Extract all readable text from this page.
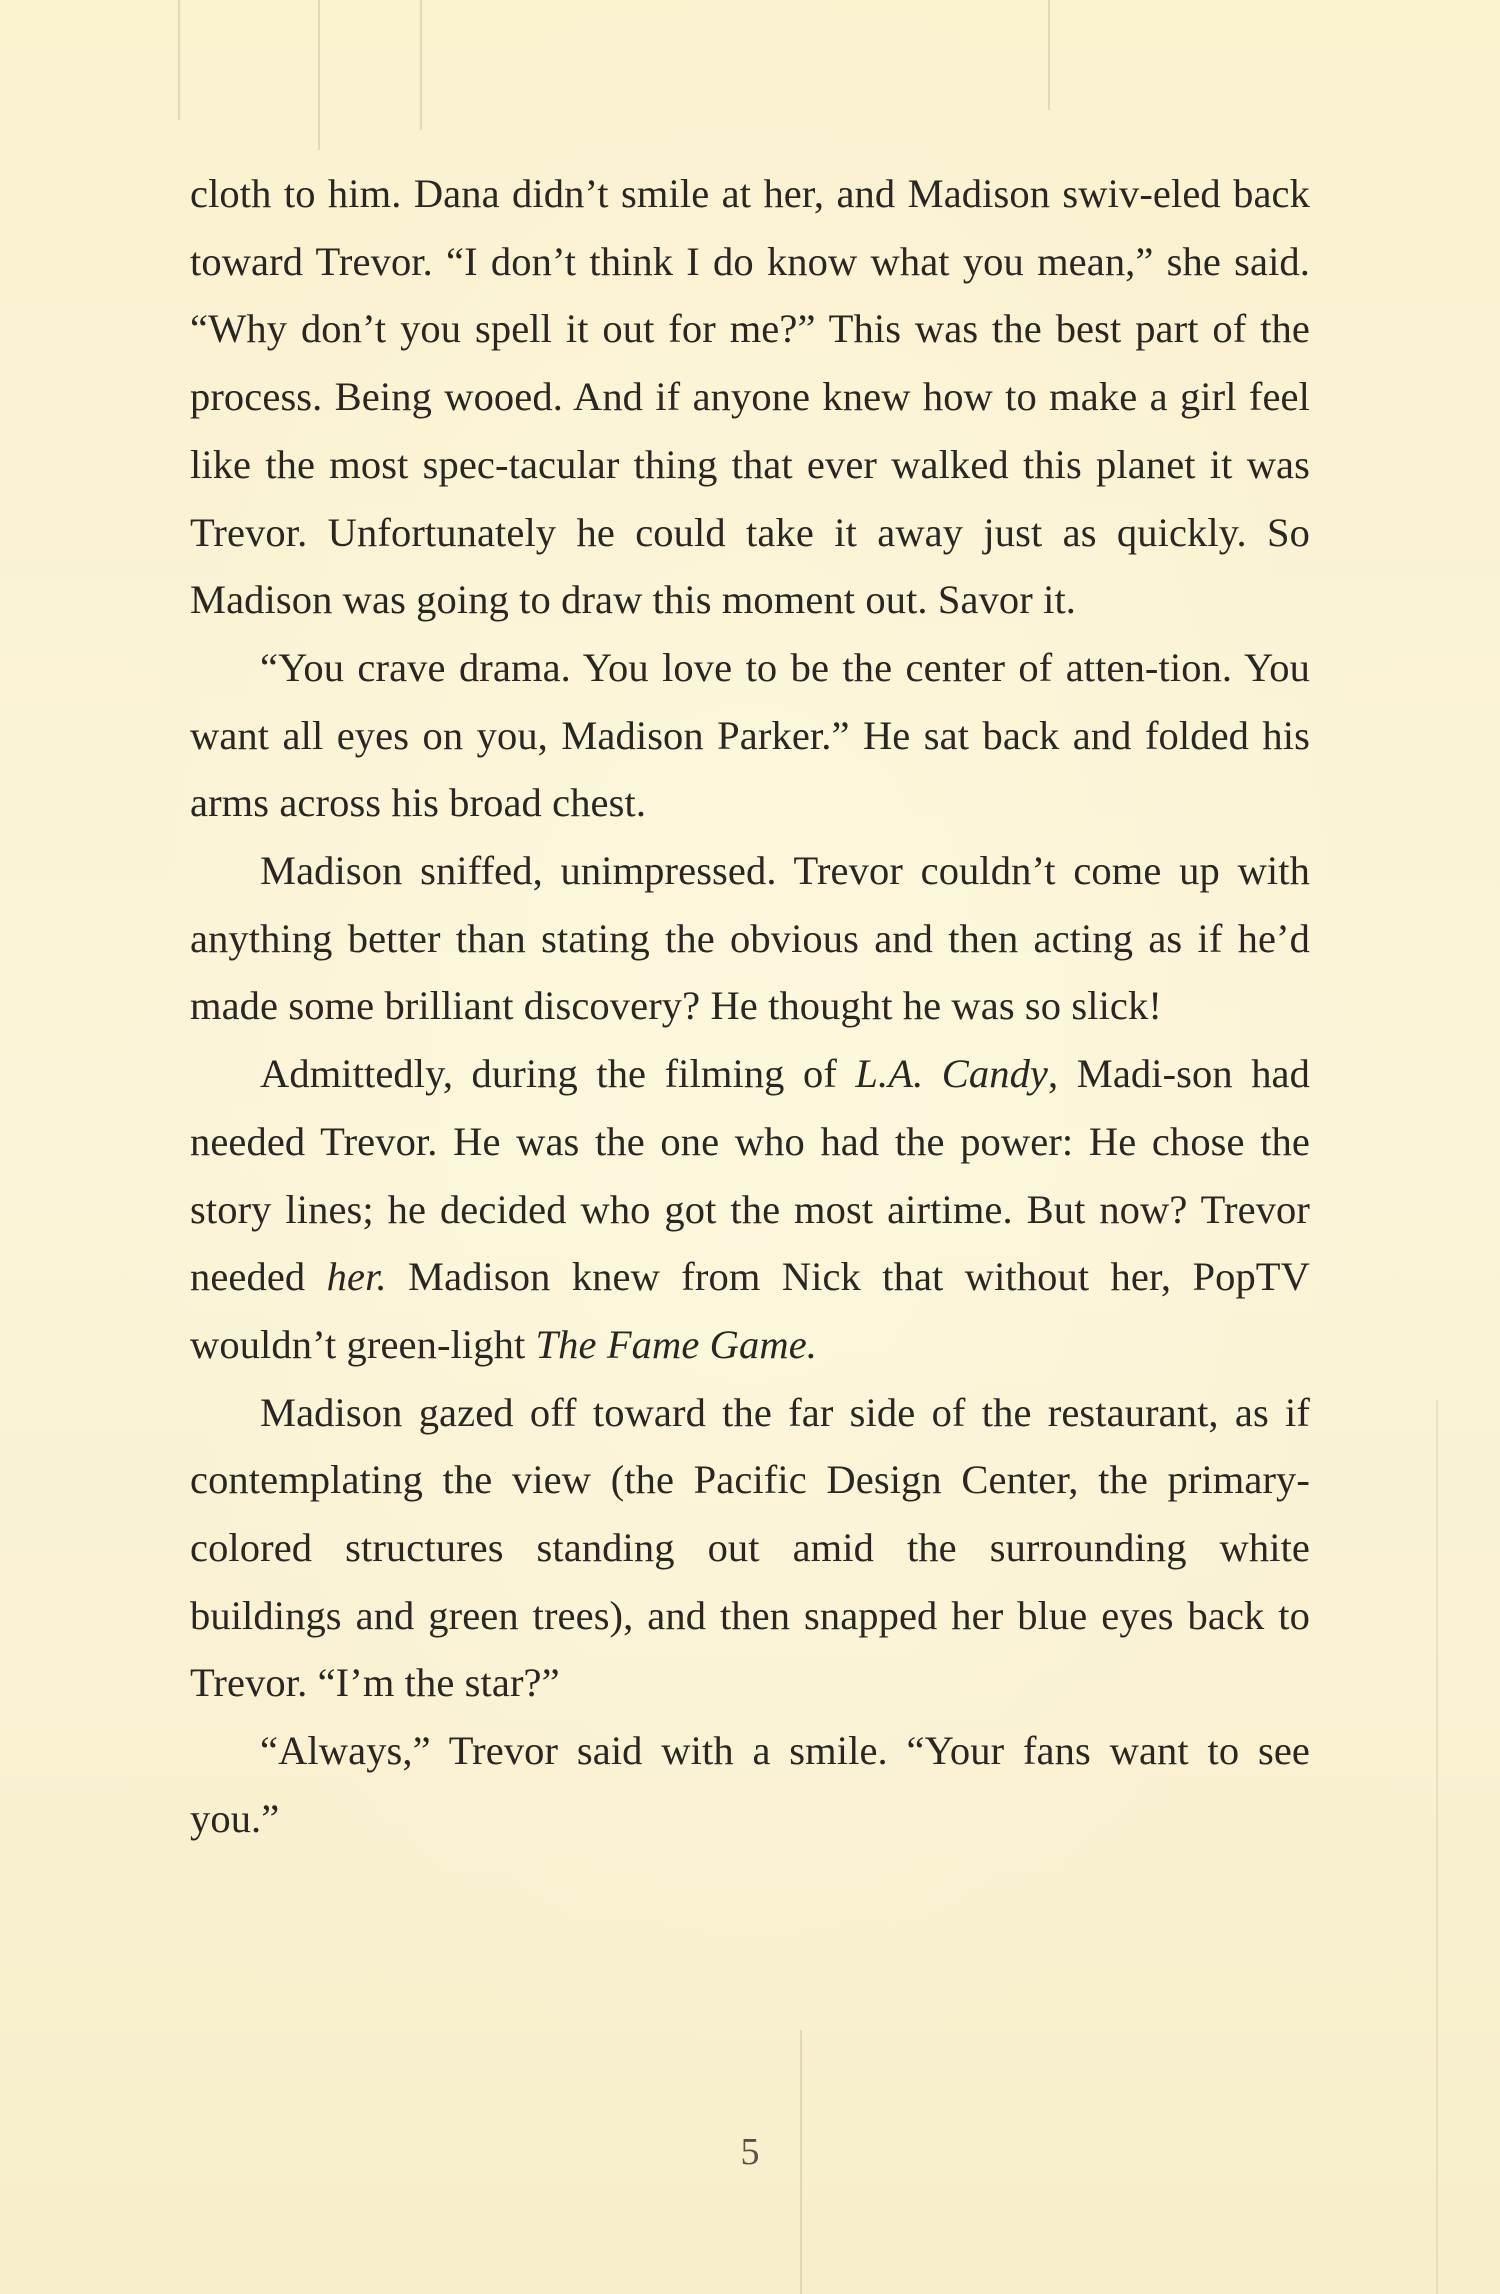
cloth to him. Dana didn’t smile at her, and Madison swiv-eled back toward Trevor. “I don’t think I do know what you mean,” she said. “Why don’t you spell it out for me?” This was the best part of the process. Being wooed. And if anyone knew how to make a girl feel like the most spec-tacular thing that ever walked this planet it was Trevor. Unfortunately he could take it away just as quickly. So Madison was going to draw this moment out. Savor it.

“You crave drama. You love to be the center of atten-tion. You want all eyes on you, Madison Parker.” He sat back and folded his arms across his broad chest.

Madison sniffed, unimpressed. Trevor couldn’t come up with anything better than stating the obvious and then acting as if he’d made some brilliant discovery? He thought he was so slick!

Admittedly, during the filming of L.A. Candy, Madi-son had needed Trevor. He was the one who had the power: He chose the story lines; he decided who got the most airtime. But now? Trevor needed her. Madison knew from Nick that without her, PopTV wouldn’t green-light The Fame Game.

Madison gazed off toward the far side of the restaurant, as if contemplating the view (the Pacific Design Center, the primary-colored structures standing out amid the surrounding white buildings and green trees), and then snapped her blue eyes back to Trevor. “I’m the star?”

“Always,” Trevor said with a smile. “Your fans want to see you.”

5
